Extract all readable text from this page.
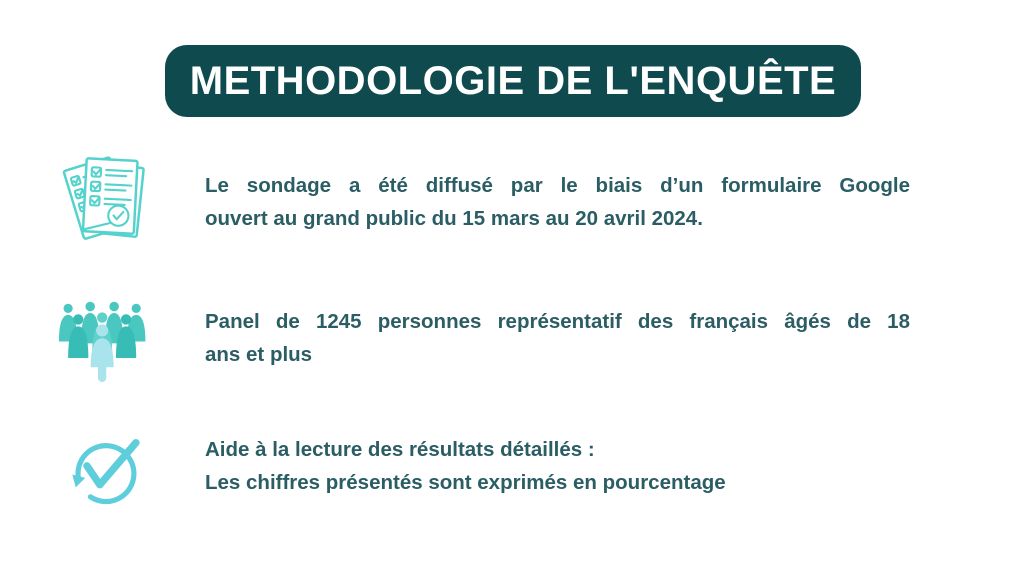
METHODOLOGIE DE L'ENQUÊTE
Le sondage a été diffusé par le biais d’un formulaire Google
ouvert au grand public du 15 mars au 20 avril 2024.
Panel de 1245 personnes représentatif des français âgés de 18
ans et plus
Aide à la lecture des résultats détaillés :
Les chiffres présentés sont exprimés en pourcentage
